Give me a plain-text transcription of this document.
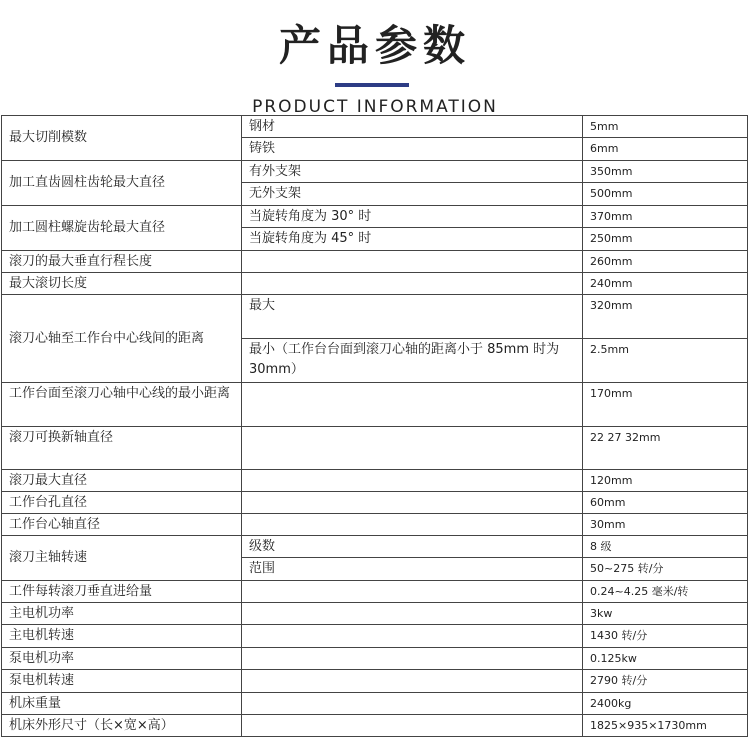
产品参数
PRODUCT INFORMATION
最大切削模数	钢材	5mm
	铸铁	6mm
加工直齿圆柱齿轮最大直径	有外支架	350mm
	无外支架	500mm
加工圆柱螺旋齿轮最大直径	当旋转角度为 30° 时	370mm
	当旋转角度为 45° 时	250mm
滚刀的最大垂直行程长度		260mm
最大滚切长度		240mm
滚刀心轴至工作台中心线间的距离	最大	320mm
	最小（工作台台面到滚刀心轴的距离小于 85mm 时为 30mm）	2.5mm
工作台面至滚刀心轴中心线的最小距离		170mm
滚刀可换新轴直径		22 27 32mm
滚刀最大直径		120mm
工作台孔直径		60mm
工作台心轴直径		30mm
滚刀主轴转速	级数	8 级
	范围	50~275 转/分
工件每转滚刀垂直进给量		0.24~4.25 毫米/转
主电机功率		3kw
主电机转速		1430 转/分
泵电机功率		0.125kw
泵电机转速		2790 转/分
机床重量		2400kg
机床外形尺寸（长×宽×高）		1825×935×1730mm
